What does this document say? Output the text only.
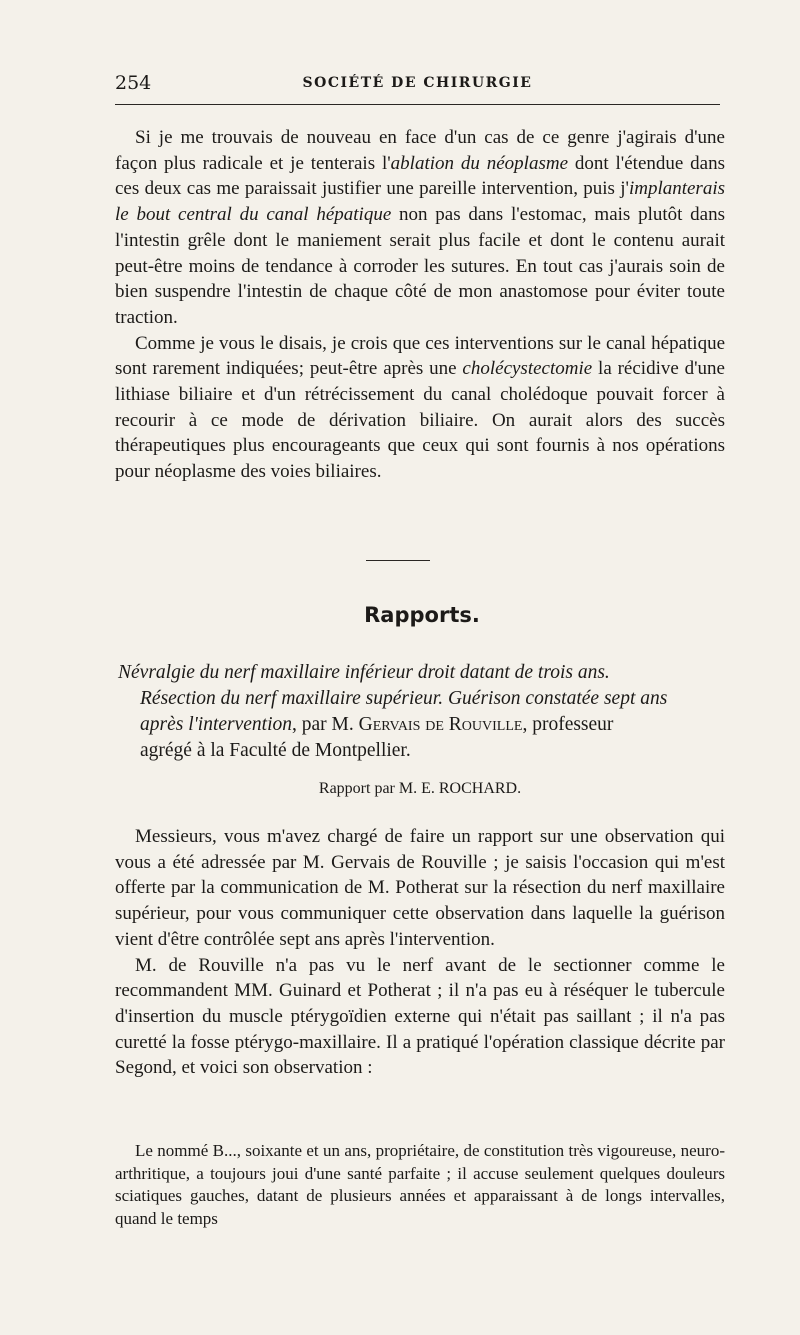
254	SOCIÉTÉ DE CHIRURGIE

Si je me trouvais de nouveau en face d'un cas de ce genre j'agirais d'une façon plus radicale et je tenterais l'ablation du néoplasme dont l'étendue dans ces deux cas me paraissait justifier une pareille intervention, puis j'implanterais le bout central du canal hépatique non pas dans l'estomac, mais plutôt dans l'intestin grêle dont le maniement serait plus facile et dont le contenu aurait peut-être moins de tendance à corroder les sutures. En tout cas j'aurais soin de bien suspendre l'intestin de chaque côté de mon anastomose pour éviter toute traction.

Comme je vous le disais, je crois que ces interventions sur le canal hépatique sont rarement indiquées; peut-être après une cholécystectomie la récidive d'une lithiase biliaire et d'un rétrécissement du canal cholédoque pouvait forcer à recourir à ce mode de dérivation biliaire. On aurait alors des succès thérapeutiques plus encourageants que ceux qui sont fournis à nos opérations pour néoplasme des voies biliaires.

Rapports.
Névralgie du nerf maxillaire inférieur droit datant de trois ans.
Résection du nerf maxillaire supérieur. Guérison constatée sept ans
après l'intervention, par M. Gervais de Rouville, professeur
agrégé à la Faculté de Montpellier.
Rapport par M. E. ROCHARD.

Messieurs, vous m'avez chargé de faire un rapport sur une observation qui vous a été adressée par M. Gervais de Rouville ; je saisis l'occasion qui m'est offerte par la communication de M. Potherat sur la résection du nerf maxillaire supérieur, pour vous communiquer cette observation dans laquelle la guérison vient d'être contrôlée sept ans après l'intervention.

M. de Rouville n'a pas vu le nerf avant de le sectionner comme le recommandent MM. Guinard et Potherat ; il n'a pas eu à réséquer le tubercule d'insertion du muscle ptérygoïdien externe qui n'était pas saillant ; il n'a pas curetté la fosse ptérygo-maxillaire. Il a pratiqué l'opération classique décrite par Segond, et voici son observation :

Le nommé B..., soixante et un ans, propriétaire, de constitution très vigoureuse, neuro-arthritique, a toujours joui d'une santé parfaite ; il accuse seulement quelques douleurs sciatiques gauches, datant de plusieurs années et apparaissant à de longs intervalles, quand le temps
